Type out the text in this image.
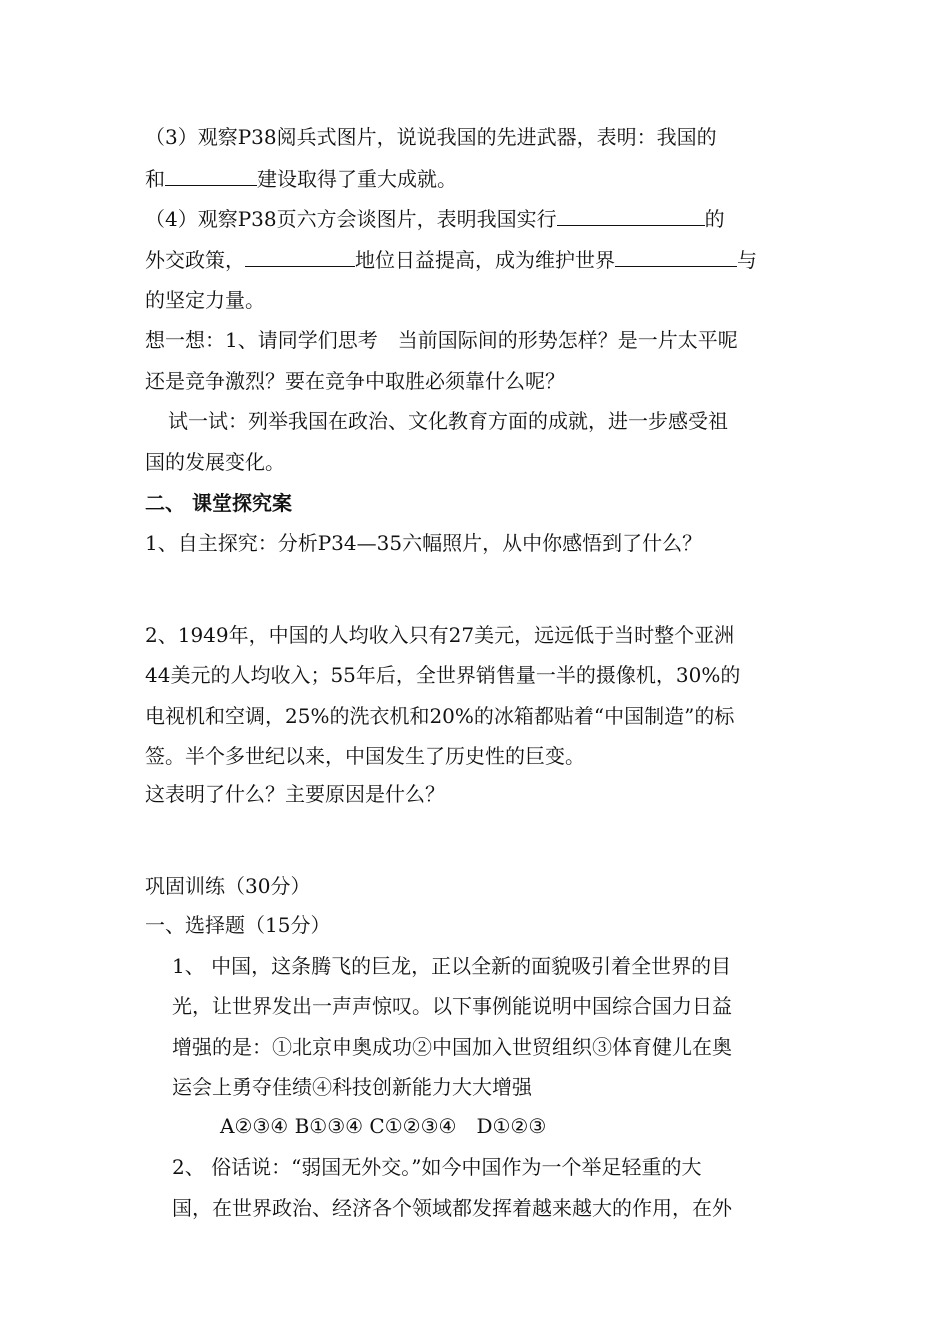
（3）观察P38阅兵式图片，说说我国的先进武器，表明：我国的
和	建设取得了重大成就。
（4）观察P38页六方会谈图片，表明我国实行	的
外交政策，	地位日益提高，成为维护世界	与
的坚定力量。
想一想：1、请同学们思考　当前国际间的形势怎样？是一片太平呢
还是竞争激烈？要在竞争中取胜必须靠什么呢？
试一试：列举我国在政治、文化教育方面的成就，进一步感受祖
国的发展变化。
二、 课堂探究案
1、自主探究：分析P34—35六幅照片，从中你感悟到了什么？
2、1949年，中国的人均收入只有27美元，远远低于当时整个亚洲
44美元的人均收入；55年后，全世界销售量一半的摄像机，30%的
电视机和空调，25%的洗衣机和20%的冰箱都贴着“中国制造”的标
签。半个多世纪以来，中国发生了历史性的巨变。
这表明了什么？主要原因是什么？
巩固训练（30分）
一、选择题（15分）
1、 中国，这条腾飞的巨龙，正以全新的面貌吸引着全世界的目
光，让世界发出一声声惊叹。以下事例能说明中国综合国力日益
增强的是：①北京申奥成功②中国加入世贸组织③体育健儿在奥
运会上勇夺佳绩④科技创新能力大大增强
A②③④ B①③④ C①②③④　D①②③
2、 俗话说：“弱国无外交。”如今中国作为一个举足轻重的大
国，在世界政治、经济各个领域都发挥着越来越大的作用，在外
